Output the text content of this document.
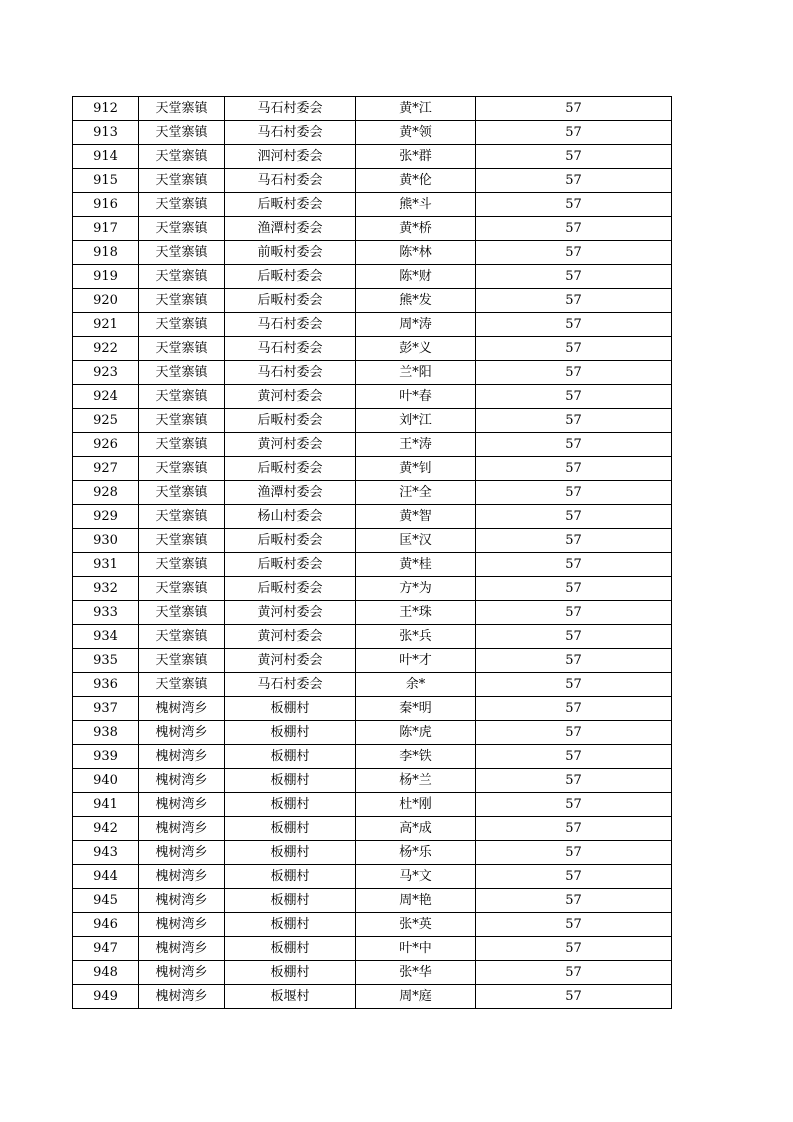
912	天堂寨镇	马石村委会	黄*江	57
913	天堂寨镇	马石村委会	黄*领	57
914	天堂寨镇	泗河村委会	张*群	57
915	天堂寨镇	马石村委会	黄*伦	57
916	天堂寨镇	后畈村委会	熊*斗	57
917	天堂寨镇	渔潭村委会	黄*桥	57
918	天堂寨镇	前畈村委会	陈*林	57
919	天堂寨镇	后畈村委会	陈*财	57
920	天堂寨镇	后畈村委会	熊*发	57
921	天堂寨镇	马石村委会	周*涛	57
922	天堂寨镇	马石村委会	彭*义	57
923	天堂寨镇	马石村委会	兰*阳	57
924	天堂寨镇	黄河村委会	叶*春	57
925	天堂寨镇	后畈村委会	刘*江	57
926	天堂寨镇	黄河村委会	王*涛	57
927	天堂寨镇	后畈村委会	黄*钊	57
928	天堂寨镇	渔潭村委会	汪*全	57
929	天堂寨镇	杨山村委会	黄*智	57
930	天堂寨镇	后畈村委会	匡*汉	57
931	天堂寨镇	后畈村委会	黄*桂	57
932	天堂寨镇	后畈村委会	方*为	57
933	天堂寨镇	黄河村委会	王*珠	57
934	天堂寨镇	黄河村委会	张*兵	57
935	天堂寨镇	黄河村委会	叶*才	57
936	天堂寨镇	马石村委会	余*	57
937	槐树湾乡	板棚村	秦*明	57
938	槐树湾乡	板棚村	陈*虎	57
939	槐树湾乡	板棚村	李*铁	57
940	槐树湾乡	板棚村	杨*兰	57
941	槐树湾乡	板棚村	杜*刚	57
942	槐树湾乡	板棚村	高*成	57
943	槐树湾乡	板棚村	杨*乐	57
944	槐树湾乡	板棚村	马*文	57
945	槐树湾乡	板棚村	周*艳	57
946	槐树湾乡	板棚村	张*英	57
947	槐树湾乡	板棚村	叶*中	57
948	槐树湾乡	板棚村	张*华	57
949	槐树湾乡	板堰村	周*庭	57
